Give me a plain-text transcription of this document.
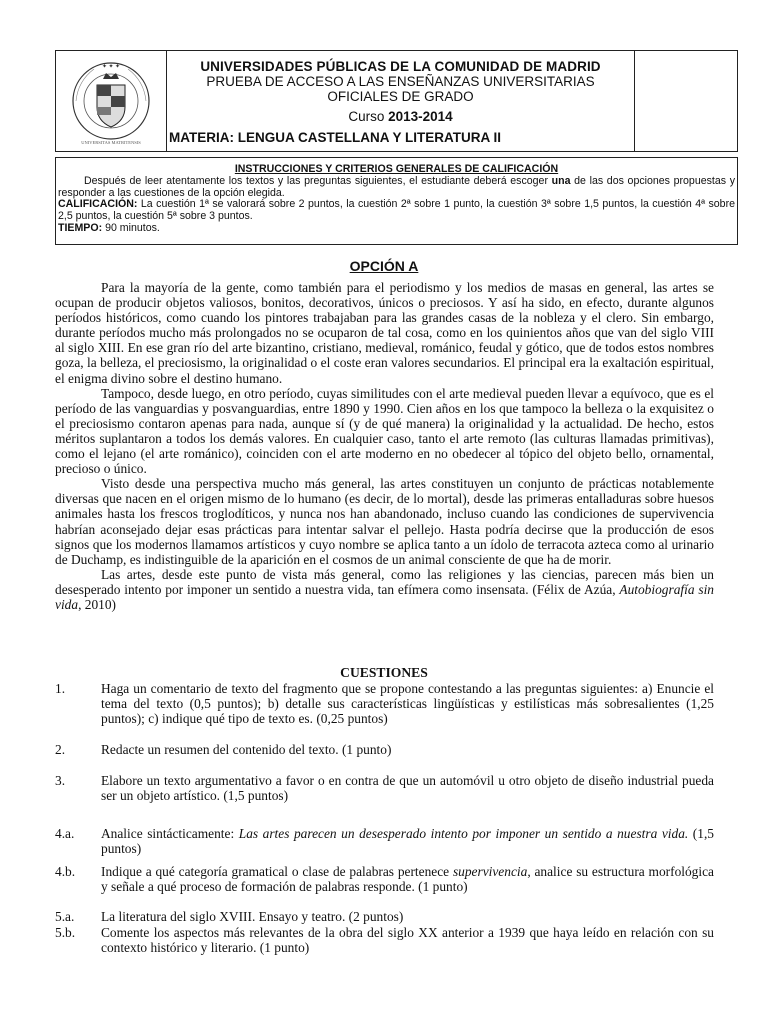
✦ ✦ ✦
UNIVERSITAS MATRITENSIS
UNIVERSIDADES PÚBLICAS DE LA COMUNIDAD DE MADRID
PRUEBA DE ACCESO A LAS ENSEÑANZAS UNIVERSITARIAS
OFICIALES DE GRADO
Curso 2013-2014
MATERIA: LENGUA CASTELLANA Y LITERATURA II
INSTRUCCIONES Y CRITERIOS GENERALES DE CALIFICACIÓN
Después de leer atentamente los textos y las preguntas siguientes, el estudiante deberá escoger una de las dos opciones propuestas y responder a las cuestiones de la opción elegida.
CALIFICACIÓN: La cuestión 1ª se valorará sobre 2 puntos, la cuestión 2ª sobre 1 punto, la cuestión 3ª sobre 1,5 puntos, la cuestión 4ª sobre 2,5 puntos, la cuestión 5ª sobre 3 puntos.
TIEMPO: 90 minutos.
OPCIÓN A

Para la mayoría de la gente, como también para el periodismo y los medios de masas en general, las artes se ocupan de producir objetos valiosos, bonitos, decorativos, únicos o preciosos. Y así ha sido, en efecto, durante algunos períodos históricos, como cuando los pintores trabajaban para las grandes casas de la nobleza y el clero. Sin embargo, durante períodos mucho más prolongados no se ocuparon de tal cosa, como en los quinientos años que van del siglo VIII al siglo XIII. En ese gran río del arte bizantino, cristiano, medieval, románico, feudal y gótico, que de todos estos nombres goza, la belleza, el preciosismo, la originalidad o el coste eran valores secundarios. El principal era la exaltación espiritual, el enigma divino sobre el destino humano.

Tampoco, desde luego, en otro período, cuyas similitudes con el arte medieval pueden llevar a equívoco, que es el período de las vanguardias y posvanguardias, entre 1890 y 1990. Cien años en los que tampoco la belleza o la exquisitez o el preciosismo contaron apenas para nada, aunque sí (y de qué manera) la originalidad y la actualidad. De hecho, estos méritos suplantaron a todos los demás valores. En cualquier caso, tanto el arte remoto (las culturas llamadas primitivas), como el lejano (el arte románico), coinciden con el arte moderno en no obedecer al tópico del objeto bello, ornamental, precioso o único.

Visto desde una perspectiva mucho más general, las artes constituyen un conjunto de prácticas notablemente diversas que nacen en el origen mismo de lo humano (es decir, de lo mortal), desde las primeras entalladuras sobre huesos animales hasta los frescos troglodíticos, y nunca nos han abandonado, incluso cuando las condiciones de supervivencia habrían aconsejado dejar esas prácticas para intentar salvar el pellejo. Hasta podría decirse que la producción de esos signos que los modernos llamamos artísticos y cuyo nombre se aplica tanto a un ídolo de terracota azteca como al urinario de Duchamp, es indistinguible de la aparición en el cosmos de un animal consciente de que ha de morir.

Las artes, desde este punto de vista más general, como las religiones y las ciencias, parecen más bien un desesperado intento por imponer un sentido a nuestra vida, tan efímera como insensata. (Félix de Azúa, Autobiografía sin vida, 2010)

CUESTIONES
1.	Haga un comentario de texto del fragmento que se propone contestando a las preguntas siguientes: a) Enuncie el tema del texto (0,5 puntos); b) detalle sus características lingüísticas y estilísticas más sobresalientes (1,25 puntos); c) indique qué tipo de texto es. (0,25 puntos)
2.	Redacte un resumen del contenido del texto. (1 punto)
3.	Elabore un texto argumentativo a favor o en contra de que un automóvil u otro objeto de diseño industrial pueda ser un objeto artístico. (1,5 puntos)
4.a. Analice sintácticamente: Las artes parecen un desesperado intento por imponer un sentido a nuestra vida. (1,5 puntos)
4.b. Indique a qué categoría gramatical o clase de palabras pertenece supervivencia, analice su estructura morfológica y señale a qué proceso de formación de palabras responde. (1 punto)
5.a. La literatura del siglo XVIII. Ensayo y teatro. (2 puntos)
5.b. Comente los aspectos más relevantes de la obra del siglo XX anterior a 1939 que haya leído en relación con su contexto histórico y literario. (1 punto)
